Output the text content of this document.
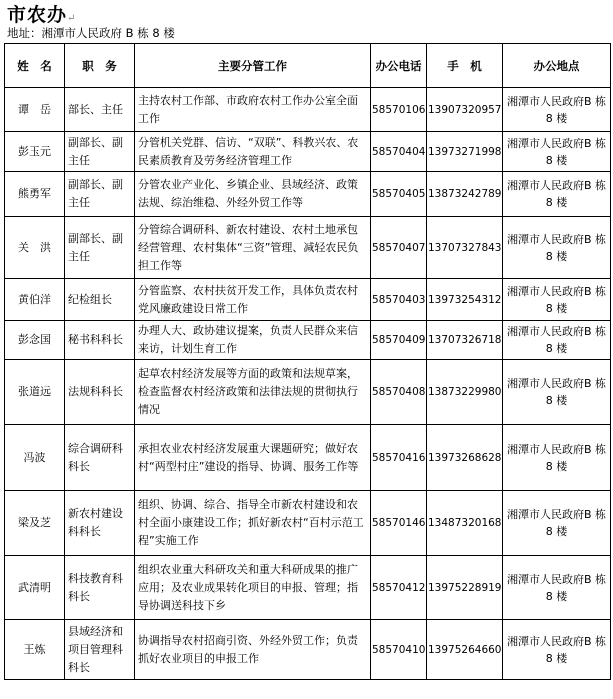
市农办↵
地址：湘潭市人民政府 B 栋 8 楼
姓　名	职　务	主要分管工作	办公电话	手　机	办公地点
谭　岳	部长、主任	主持农村工作部、市政府农村工作办公室全面工作	58570106	13907320957	湘潭市人民政府B 栋 8 楼
彭玉元	副部长、副主任	分管机关党群、信访、“双联”、科教兴农、农民素质教育及劳务经济管理工作	58570404	13973271998	湘潭市人民政府B 栋 8 楼
熊勇军	副部长、副主任	分管农业产业化、乡镇企业、县域经济、政策法规、综治维稳、外经外贸工作等	58570405	13873242789	湘潭市人民政府B 栋 8 楼
关　洪	副部长、副主任	分管综合调研科、新农村建设、农村土地承包经营管理、农村集体“三资”管理、减轻农民负担工作等	58570407	13707327843	湘潭市人民政府B 栋 8 楼
黄伯洋	纪检组长	分管监察、农村扶贫开发工作，具体负责农村党风廉政建设日常工作	58570403	13973254312	湘潭市人民政府B 栋 8 楼
彭念国	秘书科科长	办理人大、政协建议提案，负责人民群众来信来访，计划生育工作	58570409	13707326718	湘潭市人民政府B 栋 8 楼
张道远	法规科科长	起草农村经济发展等方面的政策和法规草案，检查监督农村经济政策和法律法规的贯彻执行情况	58570408	13873229980	湘潭市人民政府B 栋 8 楼
冯波	综合调研科科长	承担农业农村经济发展重大课题研究；做好农村“两型村庄”建设的指导、协调、服务工作等	58570416	13973268628	湘潭市人民政府B 栋 8 楼
梁及芝	新农村建设科科长	组织、协调、综合、指导全市新农村建设和农村全面小康建设工作；抓好新农村“百村示范工程”实施工作	58570146	13487320168	湘潭市人民政府B 栋 8 楼
武清明	科技教育科科长	组织农业重大科研攻关和重大科研成果的推广应用；及农业成果转化项目的申报、管理；指导协调送科技下乡	58570412	13975228919	湘潭市人民政府B 栋 8 楼
王炼	县域经济和项目管理科科长	协调指导农村招商引资、外经外贸工作；负责抓好农业项目的申报工作	58570410	13975264660	湘潭市人民政府B 栋 8 楼
